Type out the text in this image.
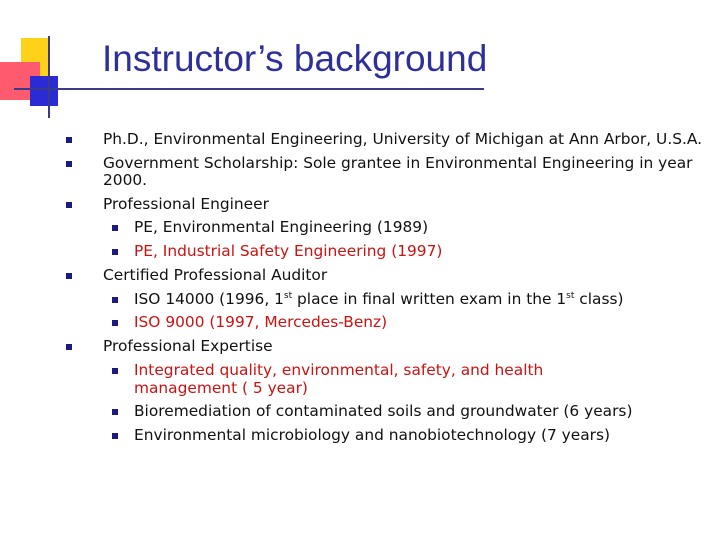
Instructor’s background
Ph.D., Environmental Engineering, University of Michigan at Ann Arbor, U.S.A.
Government Scholarship: Sole grantee in Environmental Engineering in year 2000.
Professional Engineer
PE, Environmental Engineering (1989)
PE, Industrial Safety Engineering (1997)
Certified Professional Auditor
ISO 14000 (1996, 1st place in final written exam in the 1st class)
ISO 9000 (1997, Mercedes-Benz)
Professional Expertise
Integrated quality, environmental, safety, and health management ( 5 year)
Bioremediation of contaminated soils and groundwater (6 years)
Environmental microbiology and nanobiotechnology (7 years)
